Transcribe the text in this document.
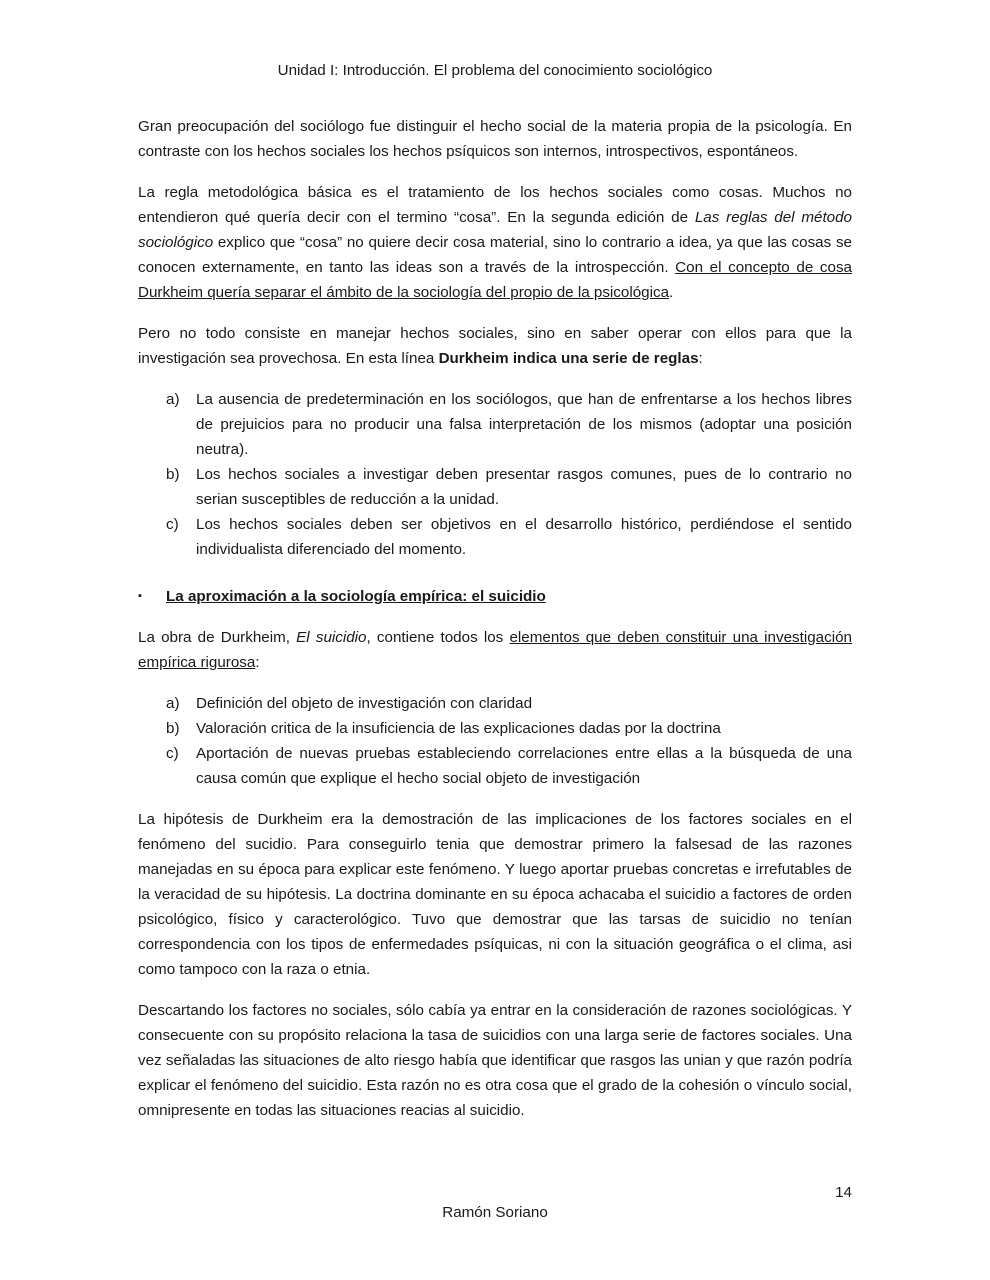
Unidad I: Introducción. El problema del conocimiento sociológico

Gran preocupación del sociólogo fue distinguir el hecho social de la materia propia de la psicología. En contraste con los hechos sociales los hechos psíquicos son internos, introspectivos, espontáneos.

La regla metodológica básica es el tratamiento de los hechos sociales como cosas. Muchos no entendieron qué quería decir con el termino “cosa”. En la segunda edición de Las reglas del método sociológico explico que “cosa” no quiere decir cosa material, sino lo contrario a idea, ya que las cosas se conocen externamente, en tanto las ideas son a través de la introspección. Con el concepto de cosa Durkheim quería separar el ámbito de la sociología del propio de la psicológica.

Pero no todo consiste en manejar hechos sociales, sino en saber operar con ellos para que la investigación sea provechosa. En esta línea Durkheim indica una serie de reglas:

a) La ausencia de predeterminación en los sociólogos, que han de enfrentarse a los hechos libres de prejuicios para no producir una falsa interpretación de los mismos (adoptar una posición neutra).
b) Los hechos sociales a investigar deben presentar rasgos comunes, pues de lo contrario no serian susceptibles de reducción a la unidad.
c) Los hechos sociales deben ser objetivos en el desarrollo histórico, perdiéndose el sentido individualista diferenciado del momento.
▪ La aproximación a la sociología empírica: el suicidio

La obra de Durkheim, El suicidio, contiene todos los elementos que deben constituir una investigación empírica rigurosa:

a) Definición del objeto de investigación con claridad
b) Valoración critica de la insuficiencia de las explicaciones dadas por la doctrina
c) Aportación de nuevas pruebas estableciendo correlaciones entre ellas a la búsqueda de una causa común que explique el hecho social objeto de investigación

La hipótesis de Durkheim era la demostración de las implicaciones de los factores sociales en el fenómeno del sucidio. Para conseguirlo tenia que demostrar primero la falsesad de las razones manejadas en su época para explicar este fenómeno. Y luego aportar pruebas concretas e irrefutables de la veracidad de su hipótesis. La doctrina dominante en su época achacaba el suicidio a factores de orden psicológico, físico y caracterológico. Tuvo que demostrar que las tarsas de suicidio no tenían correspondencia con los tipos de enfermedades psíquicas, ni con la situación geográfica o el clima, asi como tampoco con la raza o etnia.

Descartando los factores no sociales, sólo cabía ya entrar en la consideración de razones sociológicas. Y consecuente con su propósito relaciona la tasa de suicidios con una larga serie de factores sociales. Una vez señaladas las situaciones de alto riesgo había que identificar que rasgos las unian y que razón podría explicar el fenómeno del suicidio. Esta razón no es otra cosa que el grado de la cohesión o vínculo social, omnipresente en todas las situaciones reacias al suicidio.

14
Ramón Soriano
